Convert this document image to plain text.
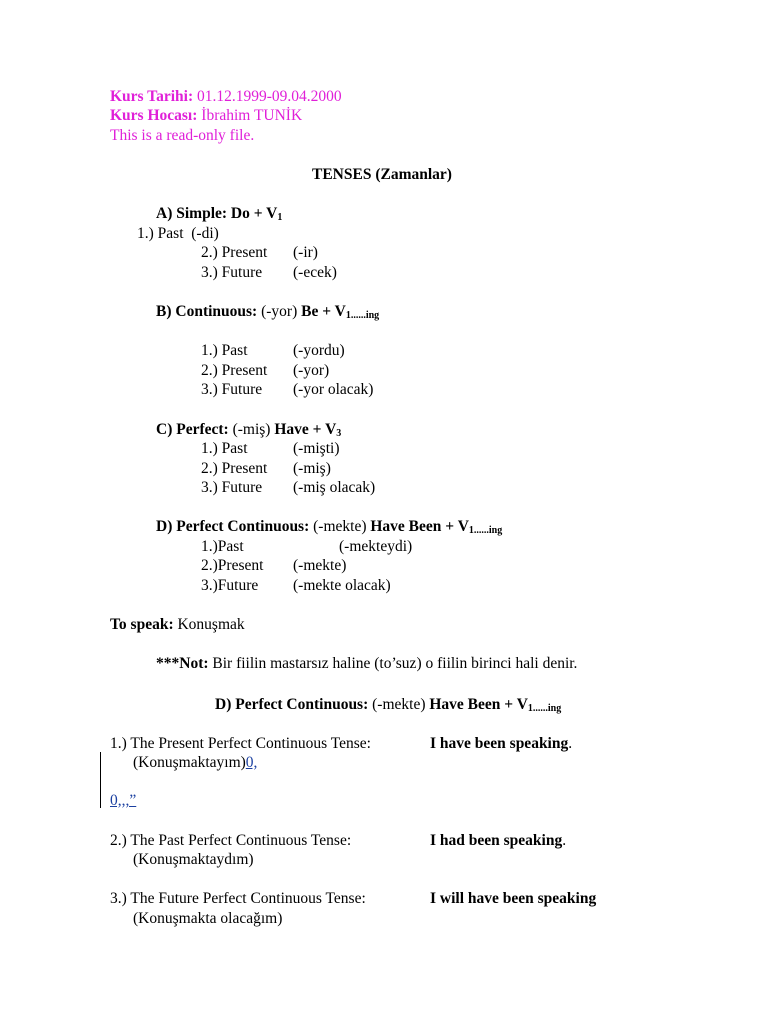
Kurs Tarihi: 01.12.1999-09.04.2000
Kurs Hocası: İbrahim TUNİK
This is a read-only file.
TENSES (Zamanlar)
A) Simple: $Do + V_1$
1.) Past (-di)
2.) Present (-ir)
3.) Future (-ecek)
B) Continuous: (-yor) $Be + V_{1......ing}$
1.) Past	(-yordu)
2.) Present (-yor)
3.) Future (-yor olacak)
C) Perfect: (-miş) Have + $V_3$
1.) Past	(-mişti)
2.) Present (-miş)
3.) Future (-miş olacak)
D) Perfect Continuous: (-mekte) Have Been + $V_{1......ing}$
1.)Past	(-mekteydi)
2.)Present (-mekte)
3.)Future (-mekte olacak)
To speak: Konuşmak
***Not: Bir fiilin mastarsız haline (to’suz) o fiilin birinci hali denir.
D) Perfect Continuous: (-mekte) Have Been + $V_{1......ing}$
1.) The Present Perfect Continuous Tense:	I have been speaking.
(Konuşmaktayım)0,
0,,,”
2.) The Past Perfect Continuous Tense:	I had been speaking.
(Konuşmaktaydım)
3.) The Future Perfect Continuous Tense:	I will have been speaking
(Konuşmakta olacağım)
